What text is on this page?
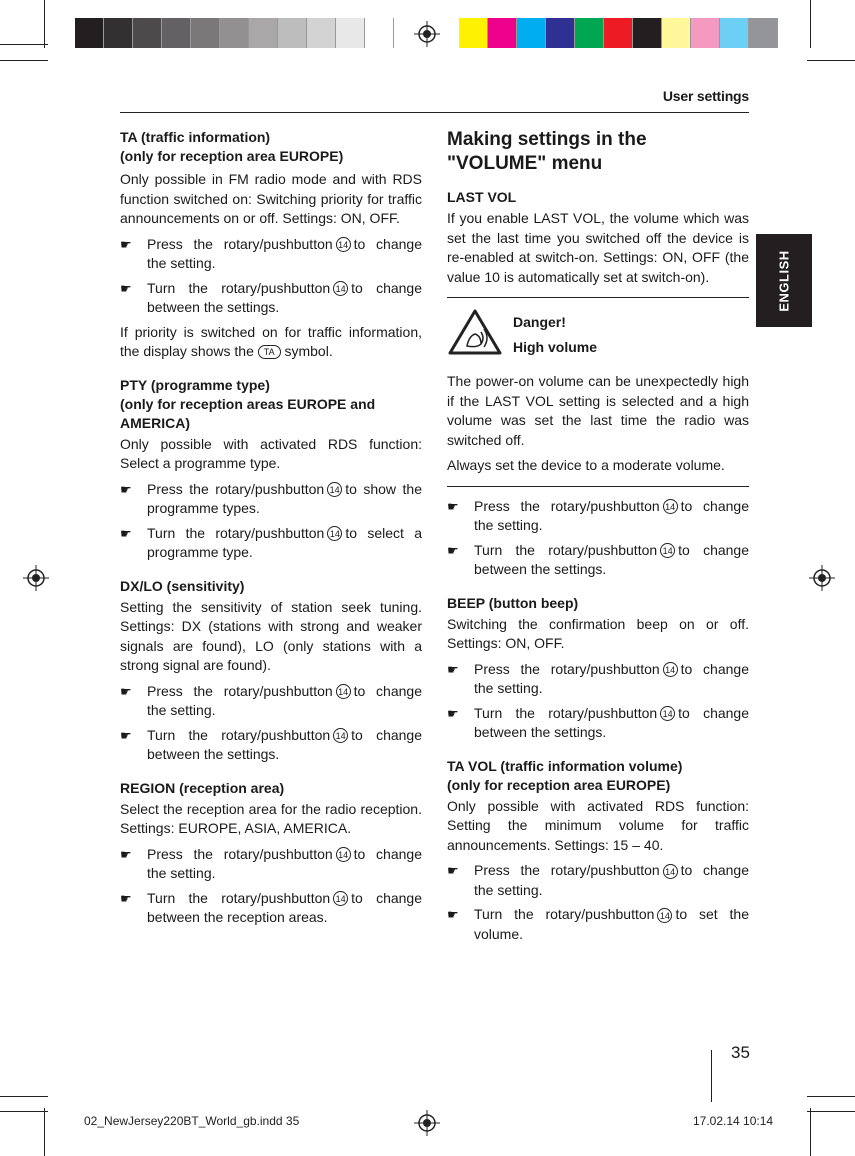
User settings
ENGLISH
TA (traffic information)
(only for reception area EUROPE)

Only possible in FM radio mode and with RDS function switched on: Switching priority for traffic announcements on or off. Settings: ON, OFF.

☛ Press the rotary/pushbutton 14 to change the setting.
☛ Turn the rotary/pushbutton 14 to change between the settings.

If priority is switched on for traffic information, the display shows the TA symbol.

PTY (programme type)
(only for reception areas EUROPE and AMERICA)

Only possible with activated RDS function: Select a programme type.

☛ Press the rotary/pushbutton 14 to show the programme types.
☛ Turn the rotary/pushbutton 14 to select a programme type.
DX/LO (sensitivity)

Setting the sensitivity of station seek tuning. Settings: DX (stations with strong and weaker signals are found), LO (only stations with a strong signal are found).

☛ Press the rotary/pushbutton 14 to change the setting.
☛ Turn the rotary/pushbutton 14 to change between the settings.
REGION (reception area)

Select the reception area for the radio reception. Settings: EUROPE, ASIA, AMERICA.

☛ Press the rotary/pushbutton 14 to change the setting.
☛ Turn the rotary/pushbutton 14 to change between the reception areas.
Making settings in the "VOLUME" menu
LAST VOL

If you enable LAST VOL, the volume which was set the last time you switched off the device is re-enabled at switch-on. Settings: ON, OFF (the value 10 is automatically set at switch-on).

Danger!
High volume

The power-on volume can be unexpectedly high if the LAST VOL setting is selected and a high volume was set the last time the radio was switched off.

Always set the device to a moderate volume.

☛ Press the rotary/pushbutton 14 to change the setting.
☛ Turn the rotary/pushbutton 14 to change between the settings.
BEEP (button beep)

Switching the confirmation beep on or off. Settings: ON, OFF.

☛ Press the rotary/pushbutton 14 to change the setting.
☛ Turn the rotary/pushbutton 14 to change between the settings.
TA VOL (traffic information volume)
(only for reception area EUROPE)

Only possible with activated RDS function: Setting the minimum volume for traffic announcements. Settings: 15 – 40.

☛ Press the rotary/pushbutton 14 to change the setting.
☛ Turn the rotary/pushbutton 14 to set the volume.
35
02_NewJersey220BT_World_gb.indd 35	17.02.14 10:14
